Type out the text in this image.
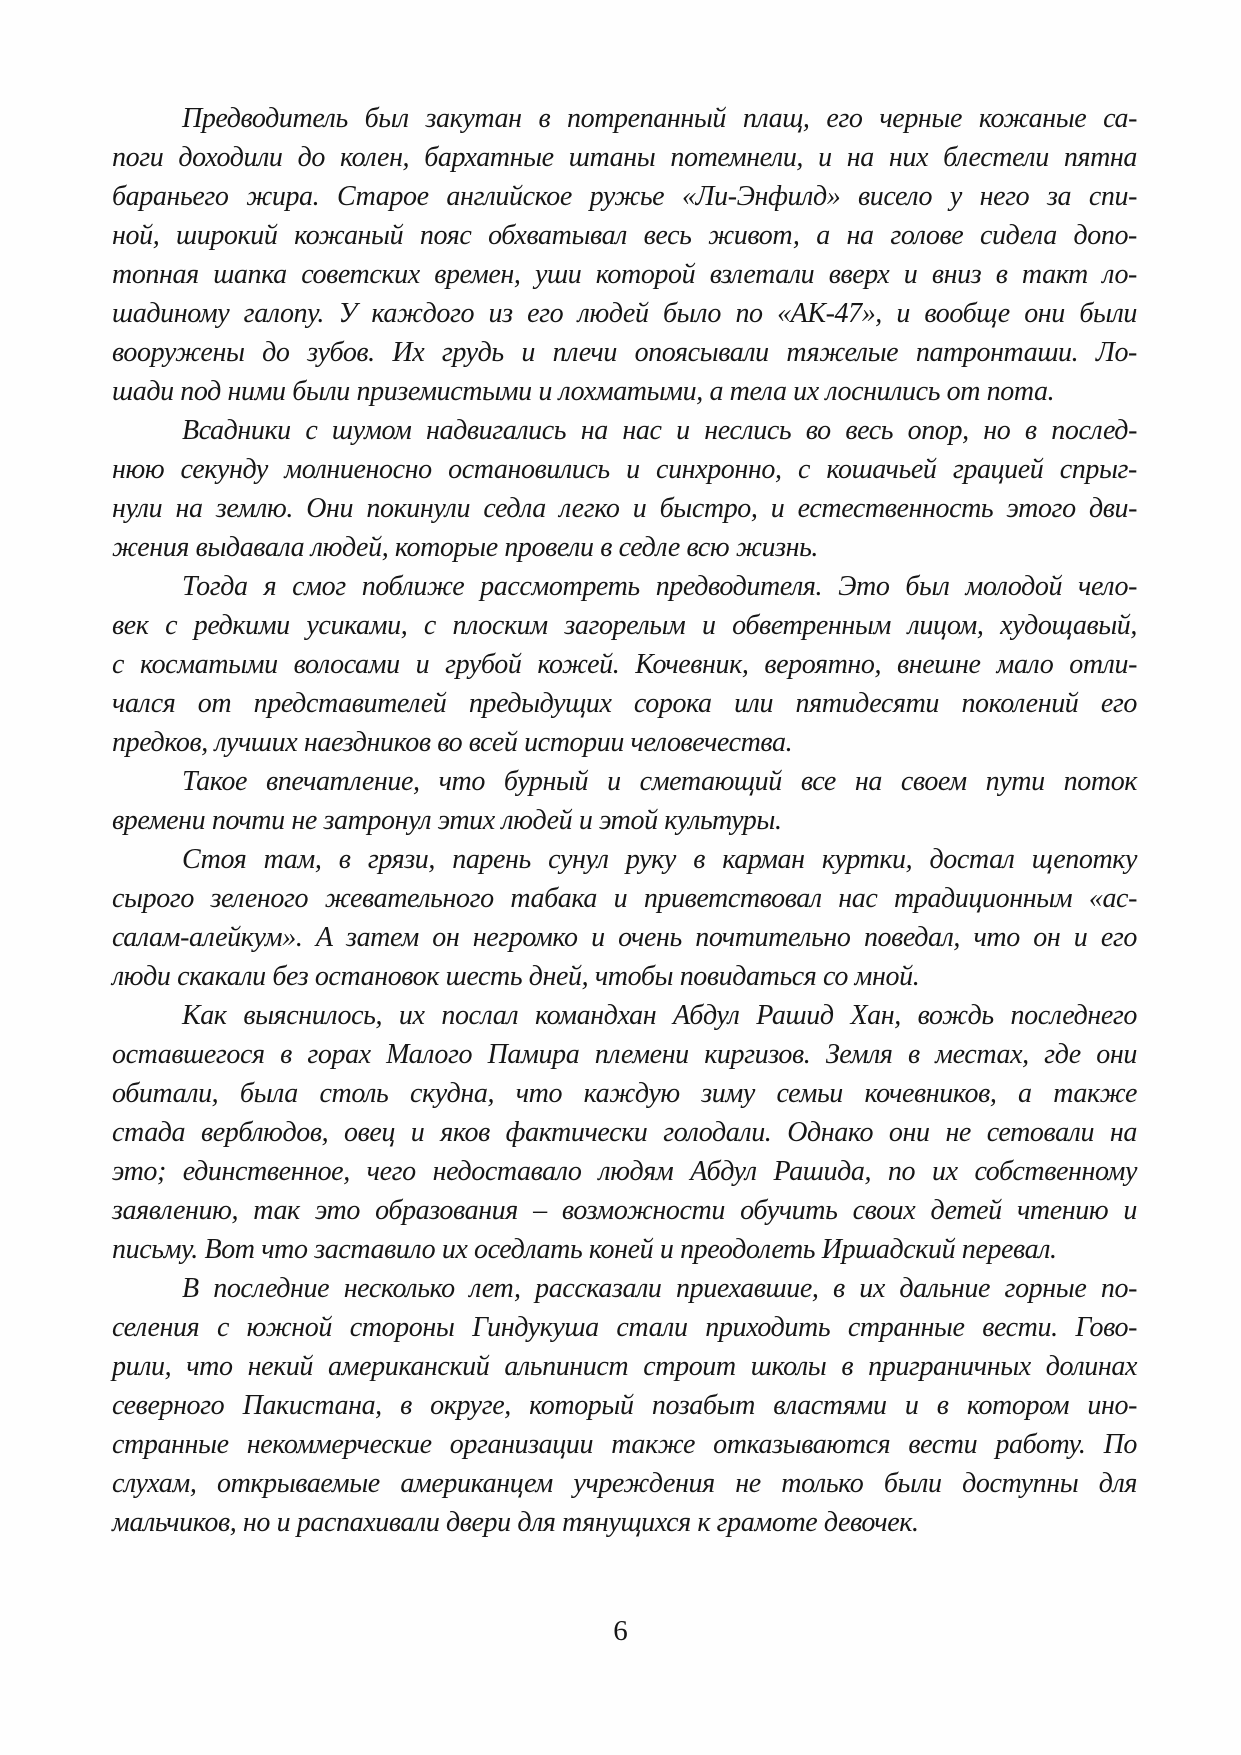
Предводитель был закутан в потрепанный плащ, его черные кожаные са-
поги доходили до колен, бархатные штаны потемнели, и на них блестели пятна
бараньего жира. Старое английское ружье «Ли-Энфилд» висело у него за спи-
ной, широкий кожаный пояс обхватывал весь живот, а на голове сидела допо-
топная шапка советских времен, уши которой взлетали вверх и вниз в такт ло-
шадиному галопу. У каждого из его людей было по «АК-47», и вообще они были
вооружены до зубов. Их грудь и плечи опоясывали тяжелые патронташи. Ло-
шади под ними были приземистыми и лохматыми, а тела их лоснились от пота.
Всадники с шумом надвигались на нас и неслись во весь опор, но в послед-
нюю секунду молниеносно остановились и синхронно, с кошачьей грацией спрыг-
нули на землю. Они покинули седла легко и быстро, и естественность этого дви-
жения выдавала людей, которые провели в седле всю жизнь.
Тогда я смог поближе рассмотреть предводителя. Это был молодой чело-
век с редкими усиками, с плоским загорелым и обветренным лицом, худощавый,
с косматыми волосами и грубой кожей. Кочевник, вероятно, внешне мало отли-
чался от представителей предыдущих сорока или пятидесяти поколений его
предков, лучших наездников во всей истории человечества.
Такое впечатление, что бурный и сметающий все на своем пути поток
времени почти не затронул этих людей и этой культуры.
Стоя там, в грязи, парень сунул руку в карман куртки, достал щепотку
сырого зеленого жевательного табака и приветствовал нас традиционным «ас-
салам-алейкум». А затем он негромко и очень почтительно поведал, что он и его
люди скакали без остановок шесть дней, чтобы повидаться со мной.
Как выяснилось, их послал командхан Абдул Рашид Хан, вождь последнего
оставшегося в горах Малого Памира племени киргизов. Земля в местах, где они
обитали, была столь скудна, что каждую зиму семьи кочевников, а также
стада верблюдов, овец и яков фактически голодали. Однако они не сетовали на
это; единственное, чего недоставало людям Абдул Рашида, по их собственному
заявлению, так это образования – возможности обучить своих детей чтению и
письму. Вот что заставило их оседлать коней и преодолеть Иршадский перевал.
В последние несколько лет, рассказали приехавшие, в их дальние горные по-
селения с южной стороны Гиндукуша стали приходить странные вести. Гово-
рили, что некий американский альпинист строит школы в приграничных долинах
северного Пакистана, в округе, который позабыт властями и в котором ино-
странные некоммерческие организации также отказываются вести работу. По
слухам, открываемые американцем учреждения не только были доступны для
мальчиков, но и распахивали двери для тянущихся к грамоте девочек.
6
